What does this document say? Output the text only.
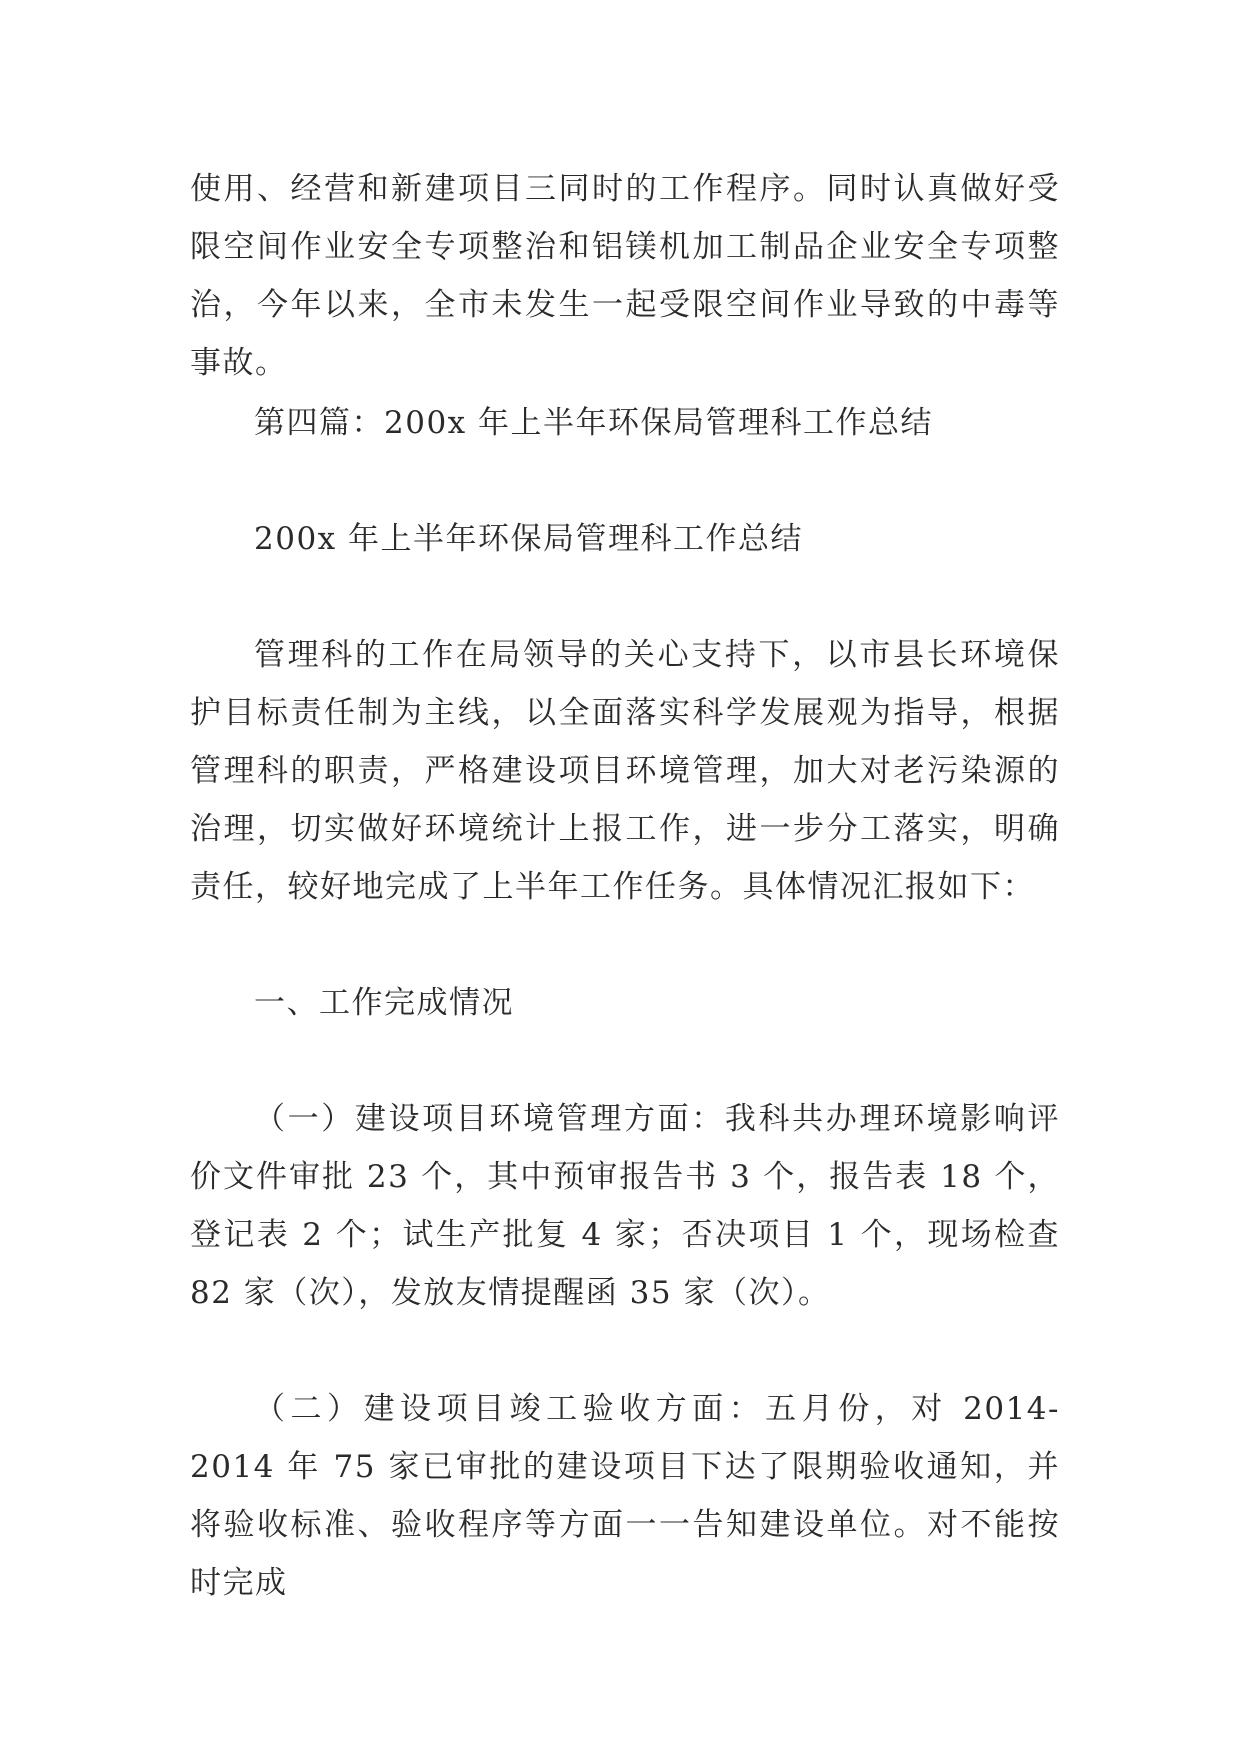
使用、经营和新建项目三同时的工作程序。同时认真做好受限空间作业安全专项整治和铝镁机加工制品企业安全专项整治，今年以来，全市未发生一起受限空间作业导致的中毒等事故。

第四篇：200x 年上半年环保局管理科工作总结

200x 年上半年环保局管理科工作总结

管理科的工作在局领导的关心支持下，以市县长环境保护目标责任制为主线，以全面落实科学发展观为指导，根据管理科的职责，严格建设项目环境管理，加大对老污染源的治理，切实做好环境统计上报工作，进一步分工落实，明确责任，较好地完成了上半年工作任务。具体情况汇报如下：

一、工作完成情况

（一）建设项目环境管理方面：我科共办理环境影响评价文件审批 23 个，其中预审报告书 3 个，报告表 18 个，登记表 2 个；试生产批复 4 家；否决项目 1 个，现场检查 82 家（次），发放友情提醒函 35 家（次）。

（二）建设项目竣工验收方面：五月份，对 2014-2014 年 75 家已审批的建设项目下达了限期验收通知，并将验收标准、验收程序等方面一一告知建设单位。对不能按时完成
